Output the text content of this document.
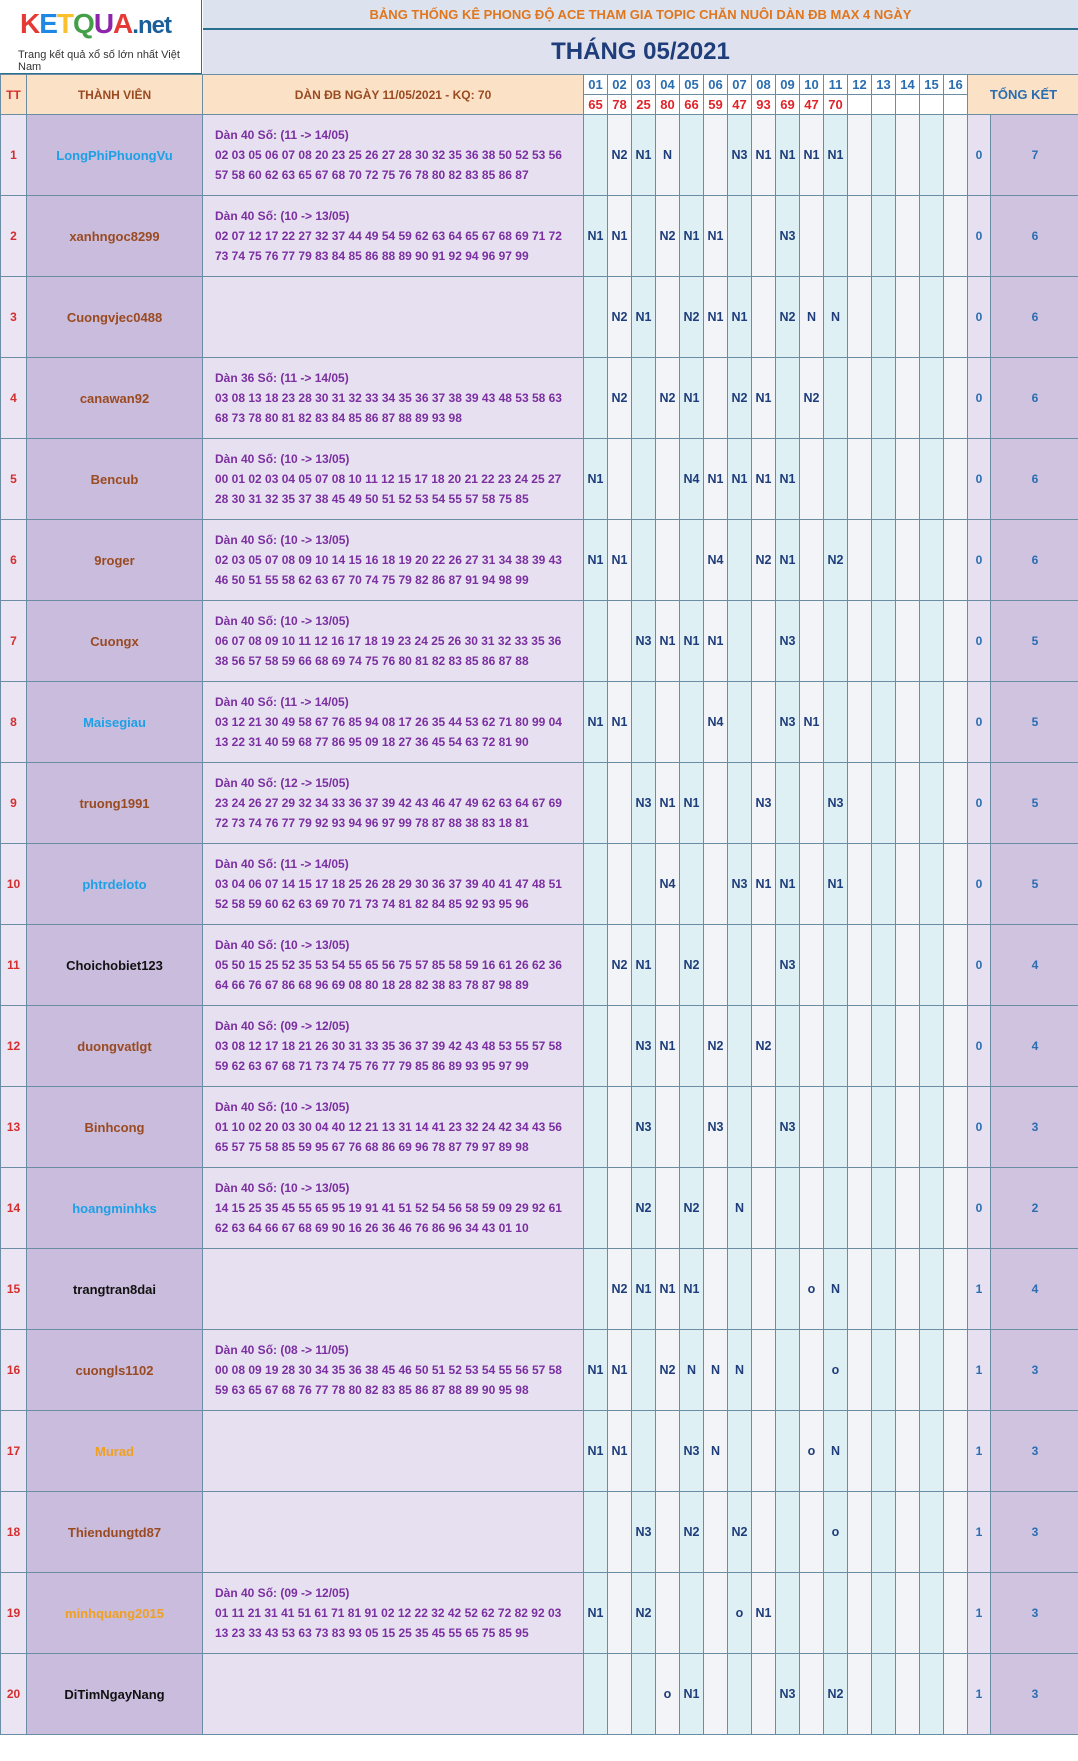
KETQUA.net
Trang kết quả xổ số lớn nhất Việt Nam
BẢNG THỐNG KÊ PHONG ĐỘ ACE THAM GIA TOPIC CHĂN NUÔI DÀN ĐB MAX 4 NGÀY
THÁNG 05/2021
TT	THÀNH VIÊN	DÀN ĐB NGÀY 11/05/2021 - KQ: 70	01	02	03	04	05	06	07	08	09	10	11	12	13	14	15	16	TỔNG KẾT	
			65	78	25	80	66	59	47	93	69	47	70							
1	LongPhiPhuongVu	Dàn 40 Số: (11 -> 14/05)
02 03 05 06 07 08 20 23 25 26 27 28 30 32 35 36 38 50 52 53 56
57 58 60 62 63 65 67 68 70 72 75 76 78 80 82 83 85 86 87		N2	N1	N			N3	N1	N1	N1	N1						0	7
2	xanhngoc8299	Dàn 40 Số: (10 -> 13/05)
02 07 12 17 22 27 32 37 44 49 54 59 62 63 64 65 67 68 69 71 72
73 74 75 76 77 79 83 84 85 86 88 89 90 91 92 94 96 97 99	N1	N1		N2	N1	N1			N3								0	6
3	Cuongvjec0488			N2	N1		N2	N1	N1		N2	N	N						0	6
4	canawan92	Dàn 36 Số: (11 -> 14/05)
03 08 13 18 23 28 30 31 32 33 34 35 36 37 38 39 43 48 53 58 63
68 73 78 80 81 82 83 84 85 86 87 88 89 93 98		N2		N2	N1		N2	N1		N2							0	6
5	Bencub	Dàn 40 Số: (10 -> 13/05)
00 01 02 03 04 05 07 08 10 11 12 15 17 18 20 21 22 23 24 25 27
28 30 31 32 35 37 38 45 49 50 51 52 53 54 55 57 58 75 85	N1				N4	N1	N1	N1	N1								0	6
6	9roger	Dàn 40 Số: (10 -> 13/05)
02 03 05 07 08 09 10 14 15 16 18 19 20 22 26 27 31 34 38 39 43
46 50 51 55 58 62 63 67 70 74 75 79 82 86 87 91 94 98 99	N1	N1				N4		N2	N1		N2						0	6
7	Cuongx	Dàn 40 Số: (10 -> 13/05)
06 07 08 09 10 11 12 16 17 18 19 23 24 25 26 30 31 32 33 35 36
38 56 57 58 59 66 68 69 74 75 76 80 81 82 83 85 86 87 88			N3	N1	N1	N1			N3								0	5
8	Maisegiau	Dàn 40 Số: (11 -> 14/05)
03 12 21 30 49 58 67 76 85 94 08 17 26 35 44 53 62 71 80 99 04
13 22 31 40 59 68 77 86 95 09 18 27 36 45 54 63 72 81 90	N1	N1				N4			N3	N1							0	5
9	truong1991	Dàn 40 Số: (12 -> 15/05)
23 24 26 27 29 32 34 33 36 37 39 42 43 46 47 49 62 63 64 67 69
72 73 74 76 77 79 92 93 94 96 97 99 78 87 88 38 83 18 81			N3	N1	N1			N3			N3						0	5
10	phtrdeloto	Dàn 40 Số: (11 -> 14/05)
03 04 06 07 14 15 17 18 25 26 28 29 30 36 37 39 40 41 47 48 51
52 58 59 60 62 63 69 70 71 73 74 81 82 84 85 92 93 95 96				N4			N3	N1	N1		N1						0	5
11	Choichobiet123	Dàn 40 Số: (10 -> 13/05)
05 50 15 25 52 35 53 54 55 65 56 75 57 85 58 59 16 61 26 62 36
64 66 76 67 86 68 96 69 08 80 18 28 82 38 83 78 87 98 89		N2	N1		N2				N3								0	4
12	duongvatlgt	Dàn 40 Số: (09 -> 12/05)
03 08 12 17 18 21 26 30 31 33 35 36 37 39 42 43 48 53 55 57 58
59 62 63 67 68 71 73 74 75 76 77 79 85 86 89 93 95 97 99			N3	N1		N2		N2									0	4
13	Binhcong	Dàn 40 Số: (10 -> 13/05)
01 10 02 20 03 30 04 40 12 21 13 31 14 41 23 32 24 42 34 43 56
65 57 75 58 85 59 95 67 76 68 86 69 96 78 87 79 97 89 98			N3			N3			N3								0	3
14	hoangminhks	Dàn 40 Số: (10 -> 13/05)
14 15 25 35 45 55 65 95 19 91 41 51 52 54 56 58 59 09 29 92 61
62 63 64 66 67 68 69 90 16 26 36 46 76 86 96 34 43 01 10			N2		N2		N										0	2
15	trangtran8dai			N2	N1	N1	N1					o	N						1	4
16	cuongls1102	Dàn 40 Số: (08 -> 11/05)
00 08 09 19 28 30 34 35 36 38 45 46 50 51 52 53 54 55 56 57 58
59 63 65 67 68 76 77 78 80 82 83 85 86 87 88 89 90 95 98	N1	N1		N2	N	N	N				o						1	3
17	Murad		N1	N1			N3	N				o	N						1	3
18	Thiendungtd87				N3		N2		N2				o						1	3
19	minhquang2015	Dàn 40 Số: (09 -> 12/05)
01 11 21 31 41 51 61 71 81 91 02 12 22 32 42 52 62 72 82 92 03
13 23 33 43 53 63 73 83 93 05 15 25 35 45 55 65 75 85 95	N1		N2				o	N1									1	3
20	DiTimNgayNang					o	N1				N3		N2						1	3
